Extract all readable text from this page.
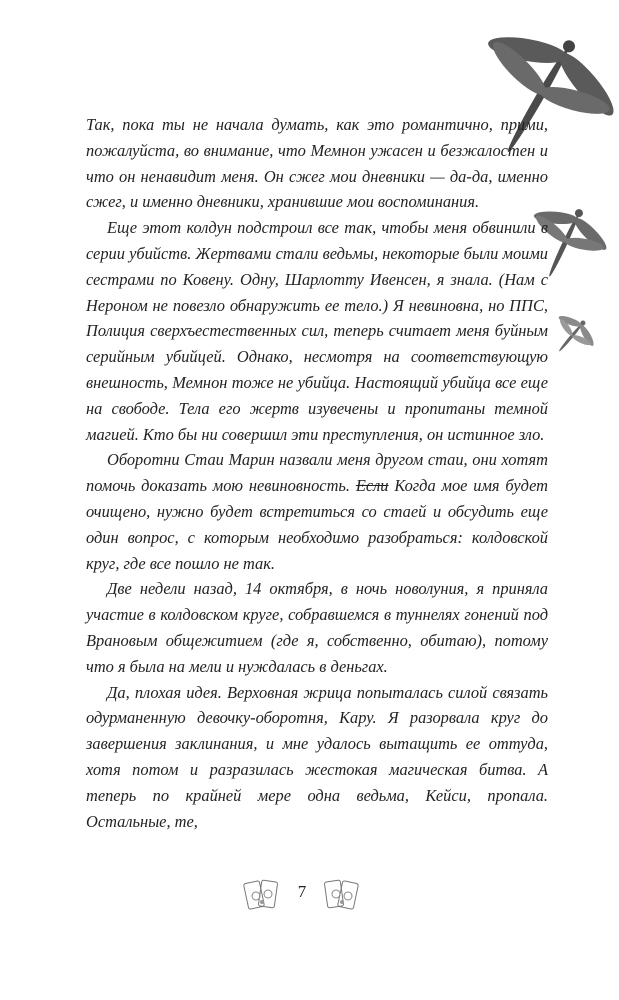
Так, пока ты не начала думать, как это романтично, прими, пожалуйста, во внимание, что Мемнон ужасен и безжалостен и что он ненавидит меня. Он сжег мои дневники — да-да, именно сжег, и именно дневники, хранившие мои воспоминания.

Еще этот колдун подстроил все так, чтобы меня обвинили в серии убийств. Жертвами стали ведьмы, некоторые были моими сестрами по Ковену. Одну, Шарлотту Ивенсен, я знала. (Нам с Нероном не повезло обнаружить ее тело.) Я невиновна, но ППС, Полиция сверхъестественных сил, теперь считает меня буйным серийным убийцей. Однако, несмотря на соответствующую внешность, Мемнон тоже не убийца. Настоящий убийца все еще на свободе. Тела его жертв изувечены и пропитаны темной магией. Кто бы ни совершил эти преступления, он истинное зло.

Оборотни Стаи Марин назвали меня другом стаи, они хотят помочь доказать мою невиновность. Если Когда мое имя будет очищено, нужно будет встретиться со стаей и обсудить еще один вопрос, с которым необходимо разобраться: колдовской круг, где все пошло не так.

Две недели назад, 14 октября, в ночь новолуния, я приняла участие в колдовском круге, собравшемся в туннелях гонений под Врановым общежитием (где я, собственно, обитаю), потому что я была на мели и нуждалась в деньгах.

Да, плохая идея. Верховная жрица попыталась силой связать одурманенную девочку-оборотня, Кару. Я разорвала круг до завершения заклинания, и мне удалось вытащить ее оттуда, хотя потом и разразилась жестокая магическая битва. А теперь по крайней мере одна ведьма, Кейси, пропала. Остальные, те,

7
